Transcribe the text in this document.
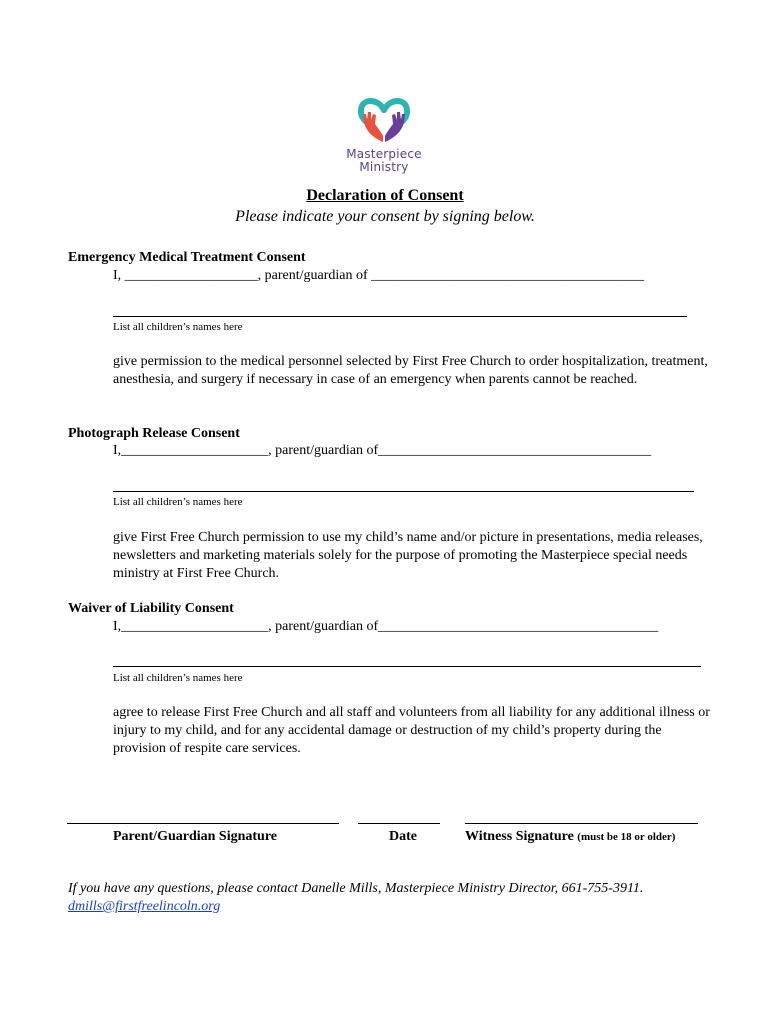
Masterpiece
Ministry
Declaration of Consent
Please indicate your consent by signing below.
Emergency Medical Treatment Consent
I, ___________________, parent/guardian of _______________________________________
List all children’s names here
give permission to the medical personnel selected by First Free Church to order hospitalization, treatment, anesthesia, and surgery if necessary in case of an emergency when parents cannot be reached.
Photograph Release Consent
I,_____________________, parent/guardian of_______________________________________
List all children’s names here
give First Free Church permission to use my child’s name and/or picture in presentations, media releases, newsletters and marketing materials solely for the purpose of promoting the Masterpiece special needs ministry at First Free Church.
Waiver of Liability Consent
I,_____________________, parent/guardian of________________________________________
List all children’s names here
agree to release First Free Church and all staff and volunteers from all liability for any additional illness or injury to my child, and for any accidental damage or destruction of my child’s property during the provision of respite care services.
Parent/Guardian Signature	Date	Witness Signature (must be 18 or older)
If you have any questions, please contact Danelle Mills, Masterpiece Ministry Director, 661-755-3911.
dmills@firstfreelincoln.org
